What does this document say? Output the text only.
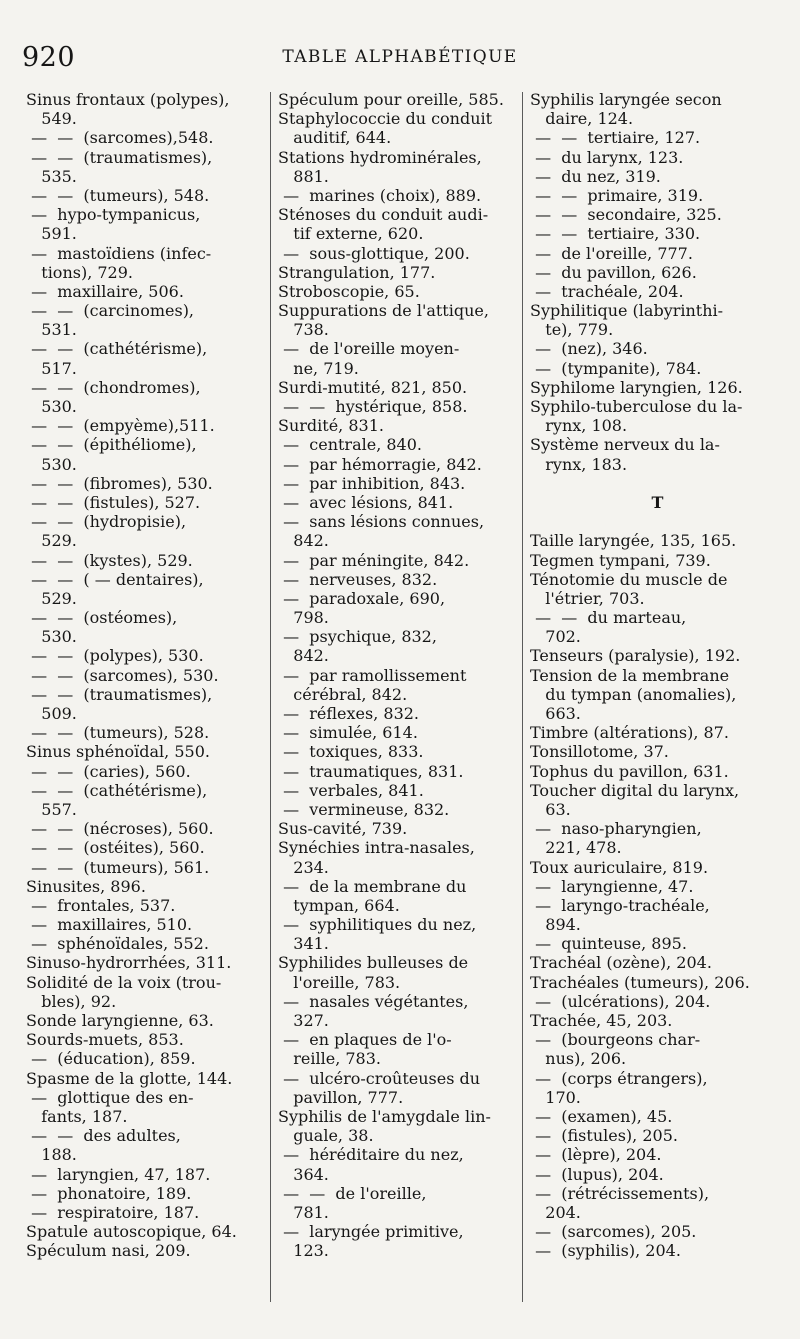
920	TABLE ALPHABÉTIQUE
Sinus frontaux (polypes),
549.
—  —  (sarcomes),548.
—  —  (traumatismes),
535.
—  —  (tumeurs), 548.
—  hypo-tympanicus,
591.
—  mastoïdiens (infec-
tions), 729.
—  maxillaire, 506.
—  —  (carcinomes),
531.
—  —  (cathétérisme),
517.
—  —  (chondromes),
530.
—  —  (empyème),511.
—  —  (épithéliome),
530.
—  —  (fibromes), 530.
—  —  (fistules), 527.
—  —  (hydropisie),
529.
—  —  (kystes), 529.
—  —  ( — dentaires),
529.
—  —  (ostéomes),
530.
—  —  (polypes), 530.
—  —  (sarcomes), 530.
—  —  (traumatismes),
509.
—  —  (tumeurs), 528.
Sinus sphénoïdal, 550.
—  —  (caries), 560.
—  —  (cathétérisme),
557.
—  —  (nécroses), 560.
—  —  (ostéites), 560.
—  —  (tumeurs), 561.
Sinusites, 896.
—  frontales, 537.
—  maxillaires, 510.
—  sphénoïdales, 552.
Sinuso-hydrorrhées, 311.
Solidité de la voix (trou-
bles), 92.
Sonde laryngienne, 63.
Sourds-muets, 853.
—  (éducation), 859.
Spasme de la glotte, 144.
—  glottique des en-
fants, 187.
—  —  des adultes,
188.
—  laryngien, 47, 187.
—  phonatoire, 189.
—  respiratoire, 187.
Spatule autoscopique, 64.
Spéculum nasi, 209.
Spéculum pour oreille, 585.
Staphylococcie du conduit
auditif, 644.
Stations hydrominérales,
881.
—  marines (choix), 889.
Sténoses du conduit audi-
tif externe, 620.
—  sous-glottique, 200.
Strangulation, 177.
Stroboscopie, 65.
Suppurations de l'attique,
738.
—  de l'oreille moyen-
ne, 719.
Surdi-mutité, 821, 850.
—  —  hystérique, 858.
Surdité, 831.
—  centrale, 840.
—  par hémorragie, 842.
—  par inhibition, 843.
—  avec lésions, 841.
—  sans lésions connues,
842.
—  par méningite, 842.
—  nerveuses, 832.
—  paradoxale, 690,
798.
—  psychique, 832,
842.
—  par ramollissement
cérébral, 842.
—  réflexes, 832.
—  simulée, 614.
—  toxiques, 833.
—  traumatiques, 831.
—  verbales, 841.
—  vermineuse, 832.
Sus-cavité, 739.
Synéchies intra-nasales,
234.
—  de la membrane du
tympan, 664.
—  syphilitiques du nez,
341.
Syphilides bulleuses de
l'oreille, 783.
—  nasales végétantes,
327.
—  en plaques de l'o-
reille, 783.
—  ulcéro-croûteuses du
pavillon, 777.
Syphilis de l'amygdale lin-
guale, 38.
—  héréditaire du nez,
364.
—  —  de l'oreille,
781.
—  laryngée primitive,
123.
Syphilis laryngée secon
daire, 124.
—  —  tertiaire, 127.
—  du larynx, 123.
—  du nez, 319.
—  —  primaire, 319.
—  —  secondaire, 325.
—  —  tertiaire, 330.
—  de l'oreille, 777.
—  du pavillon, 626.
—  trachéale, 204.
Syphilitique (labyrinthi-
te), 779.
—  (nez), 346.
—  (tympanite), 784.
Syphilome laryngien, 126.
Syphilo-tuberculose du la-
rynx, 108.
Système nerveux du la-
rynx, 183.
T
Taille laryngée, 135, 165.
Tegmen tympani, 739.
Ténotomie du muscle de
l'étrier, 703.
—  —  du marteau,
702.
Tenseurs (paralysie), 192.
Tension de la membrane
du tympan (anomalies),
663.
Timbre (altérations), 87.
Tonsillotome, 37.
Tophus du pavillon, 631.
Toucher digital du larynx,
63.
—  naso-pharyngien,
221, 478.
Toux auriculaire, 819.
—  laryngienne, 47.
—  laryngo-trachéale,
894.
—  quinteuse, 895.
Trachéal (ozène), 204.
Trachéales (tumeurs), 206.
—  (ulcérations), 204.
Trachée, 45, 203.
—  (bourgeons char-
nus), 206.
—  (corps étrangers),
170.
—  (examen), 45.
—  (fistules), 205.
—  (lèpre), 204.
—  (lupus), 204.
—  (rétrécissements),
204.
—  (sarcomes), 205.
—  (syphilis), 204.
